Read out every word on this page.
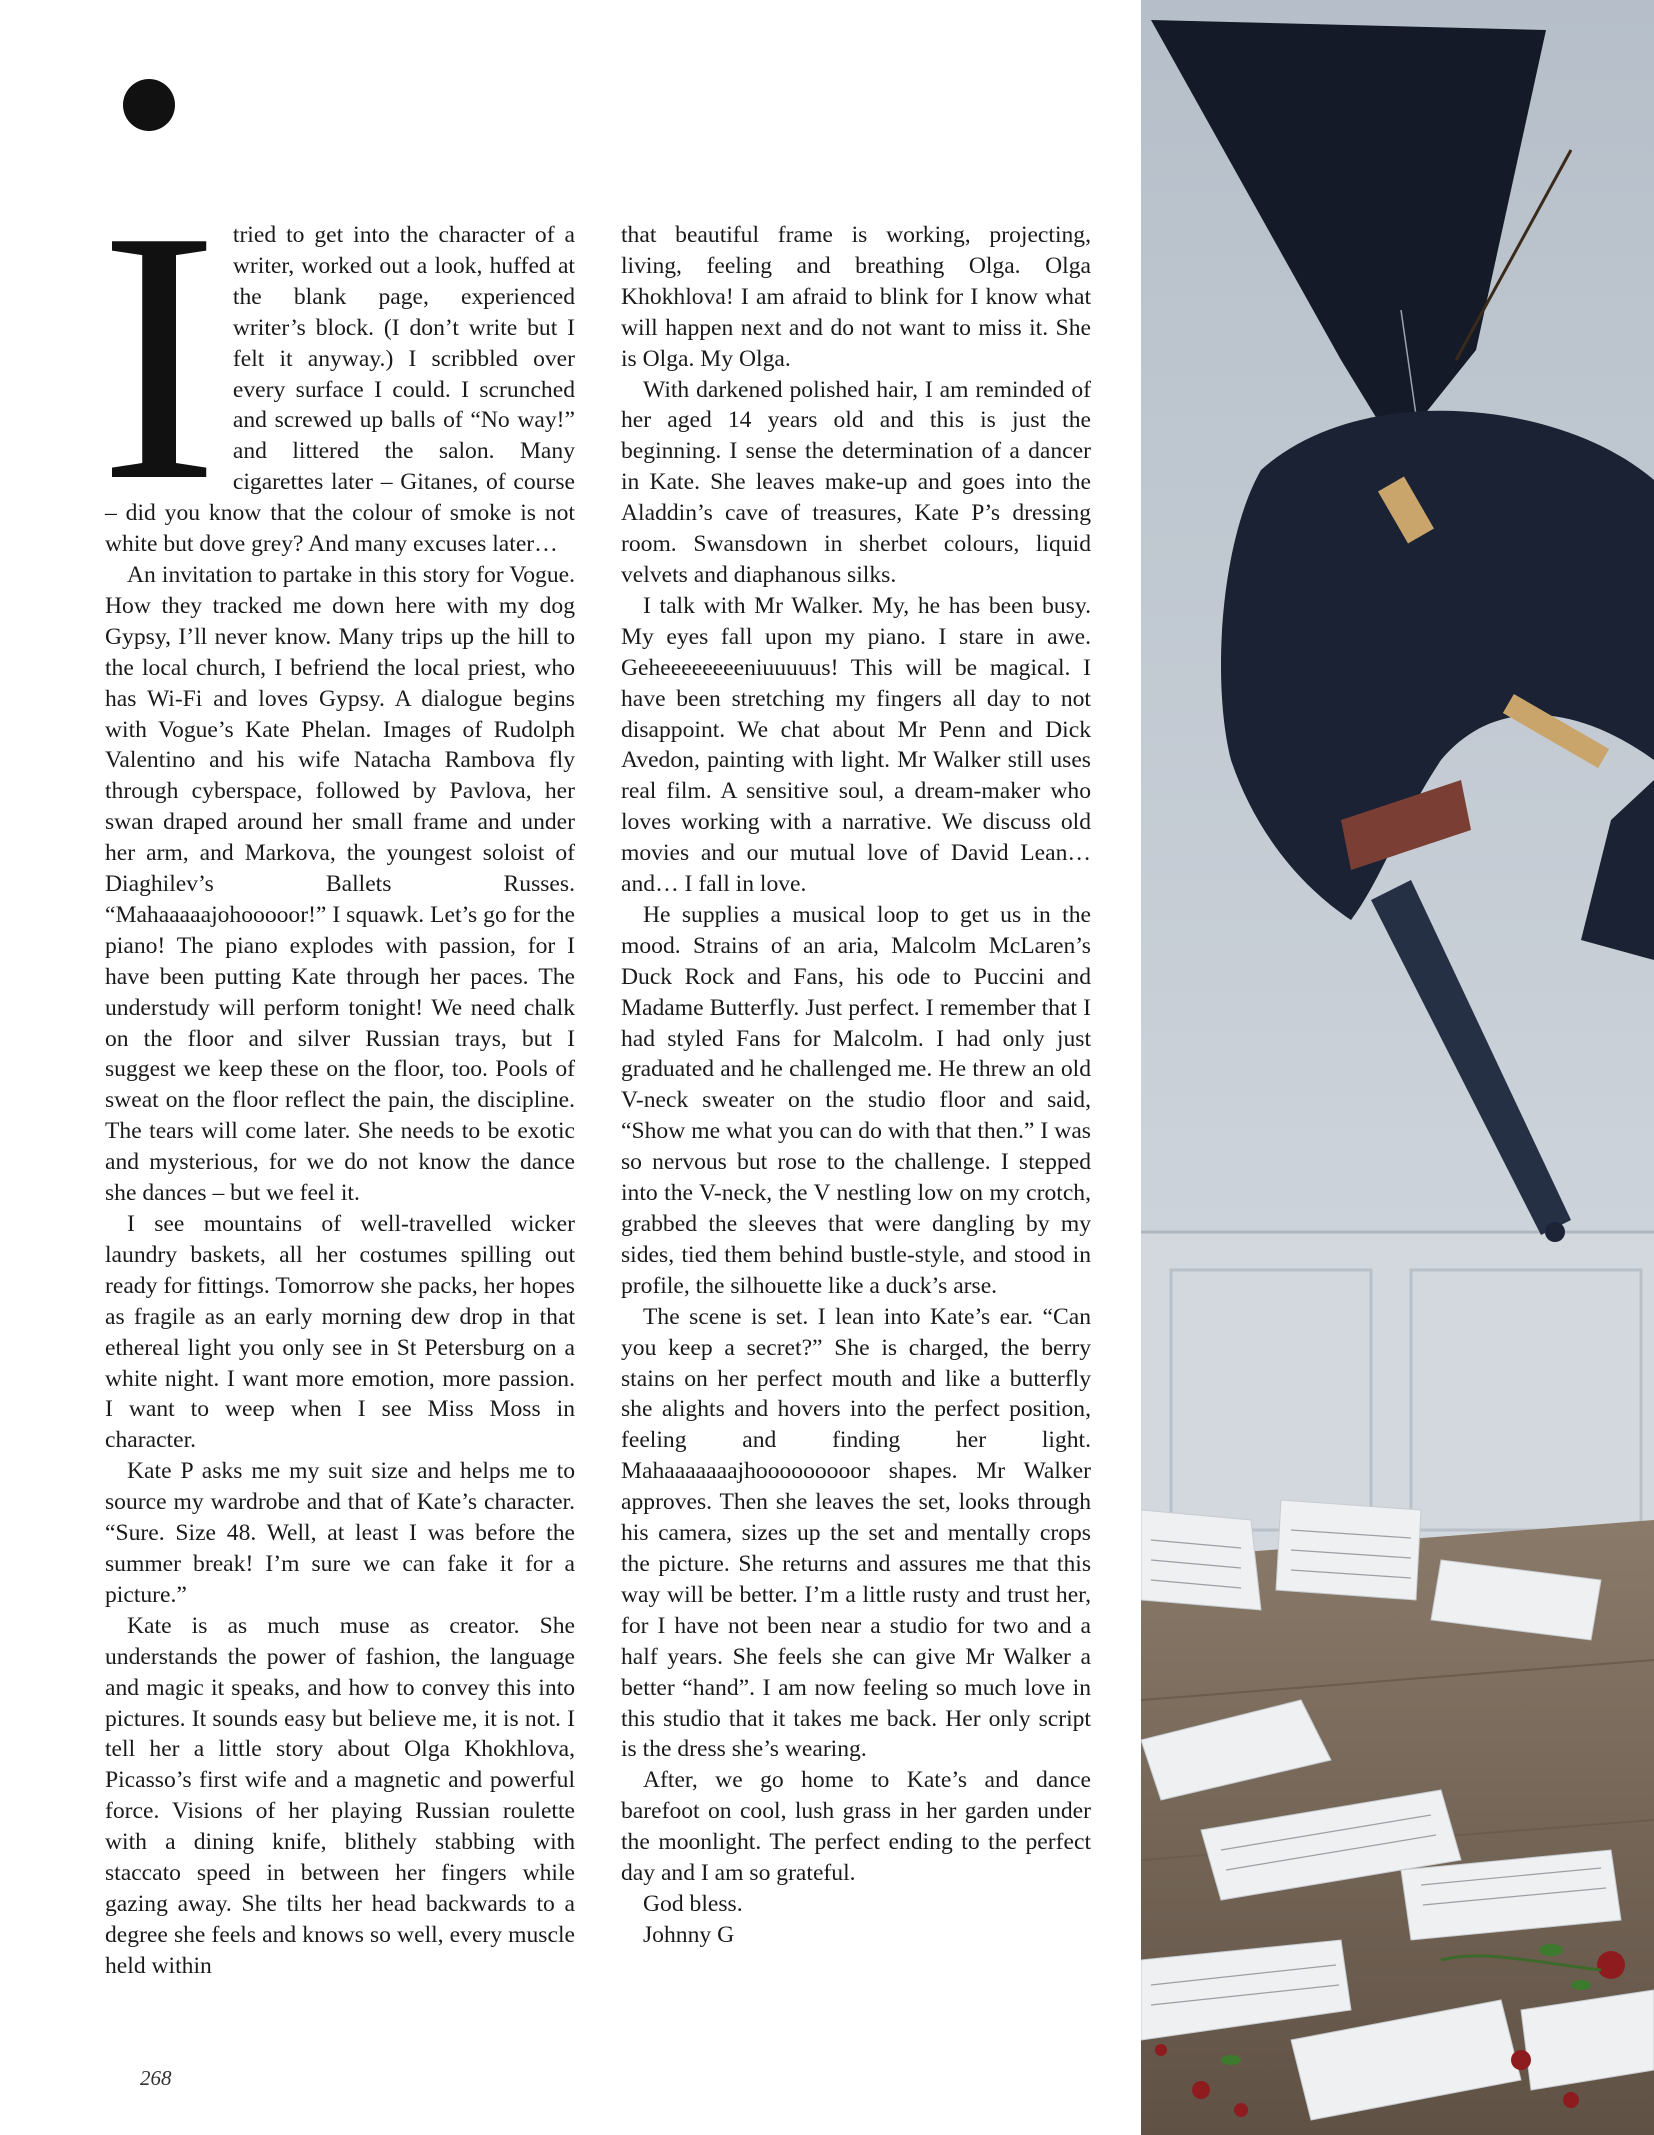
I tried to get into the character of a writer, worked out a look, huffed at the blank page, experienced writer’s block. (I don’t write but I felt it anyway.) I scribbled over every surface I could. I scrunched and screwed up balls of “No way!” and littered the salon. Many cigarettes later – Gitanes, of course – did you know that the colour of smoke is not white but dove grey? And many excuses later…

An invitation to partake in this story for Vogue. How they tracked me down here with my dog Gypsy, I’ll never know. Many trips up the hill to the local church, I befriend the local priest, who has Wi-Fi and loves Gypsy. A dialogue begins with Vogue’s Kate Phelan. Images of Rudolph Valentino and his wife Natacha Rambova fly through cyberspace, followed by Pavlova, her swan draped around her small frame and under her arm, and Markova, the youngest soloist of Diaghilev’s Ballets Russes. “Mahaaaaajohooooor!” I squawk. Let’s go for the piano! The piano explodes with passion, for I have been putting Kate through her paces. The understudy will perform tonight! We need chalk on the floor and silver Russian trays, but I suggest we keep these on the floor, too. Pools of sweat on the floor reflect the pain, the discipline. The tears will come later. She needs to be exotic and mysterious, for we do not know the dance she dances – but we feel it.

I see mountains of well-travelled wicker laundry baskets, all her costumes spilling out ready for fittings. Tomorrow she packs, her hopes as fragile as an early morning dew drop in that ethereal light you only see in St Petersburg on a white night. I want more emotion, more passion. I want to weep when I see Miss Moss in character.

Kate P asks me my suit size and helps me to source my wardrobe and that of Kate’s character. “Sure. Size 48. Well, at least I was before the summer break! I’m sure we can fake it for a picture.”

Kate is as much muse as creator. She understands the power of fashion, the language and magic it speaks, and how to convey this into pictures. It sounds easy but believe me, it is not. I tell her a little story about Olga Khokhlova, Picasso’s first wife and a magnetic and powerful force. Visions of her playing Russian roulette with a dining knife, blithely stabbing with staccato speed in between her fingers while gazing away. She tilts her head backwards to a degree she feels and knows so well, every muscle held within

that beautiful frame is working, projecting, living, feeling and breathing Olga. Olga Khokhlova! I am afraid to blink for I know what will happen next and do not want to miss it. She is Olga. My Olga.

With darkened polished hair, I am reminded of her aged 14 years old and this is just the beginning. I sense the determination of a dancer in Kate. She leaves make-up and goes into the Aladdin’s cave of treasures, Kate P’s dressing room. Swansdown in sherbet colours, liquid velvets and diaphanous silks.

I talk with Mr Walker. My, he has been busy. My eyes fall upon my piano. I stare in awe. Geheeeeeeeeniuuuuus! This will be magical. I have been stretching my fingers all day to not disappoint. We chat about Mr Penn and Dick Avedon, painting with light. Mr Walker still uses real film. A sensitive soul, a dream-maker who loves working with a narrative. We discuss old movies and our mutual love of David Lean… and… I fall in love.

He supplies a musical loop to get us in the mood. Strains of an aria, Malcolm McLaren’s Duck Rock and Fans, his ode to Puccini and Madame Butterfly. Just perfect. I remember that I had styled Fans for Malcolm. I had only just graduated and he challenged me. He threw an old V-neck sweater on the studio floor and said, “Show me what you can do with that then.” I was so nervous but rose to the challenge. I stepped into the V-neck, the V nestling low on my crotch, grabbed the sleeves that were dangling by my sides, tied them behind bustle-style, and stood in profile, the silhouette like a duck’s arse.

The scene is set. I lean into Kate’s ear. “Can you keep a secret?” She is charged, the berry stains on her perfect mouth and like a butterfly she alights and hovers into the perfect position, feeling and finding her light. Mahaaaaaaajhooooooooor shapes. Mr Walker approves. Then she leaves the set, looks through his camera, sizes up the set and mentally crops the picture. She returns and assures me that this way will be better. I’m a little rusty and trust her, for I have not been near a studio for two and a half years. She feels she can give Mr Walker a better “hand”. I am now feeling so much love in this studio that it takes me back. Her only script is the dress she’s wearing.

After, we go home to Kate’s and dance barefoot on cool, lush grass in her garden under the moonlight. The perfect ending to the perfect day and I am so grateful.

God bless.

Johnny G

268
